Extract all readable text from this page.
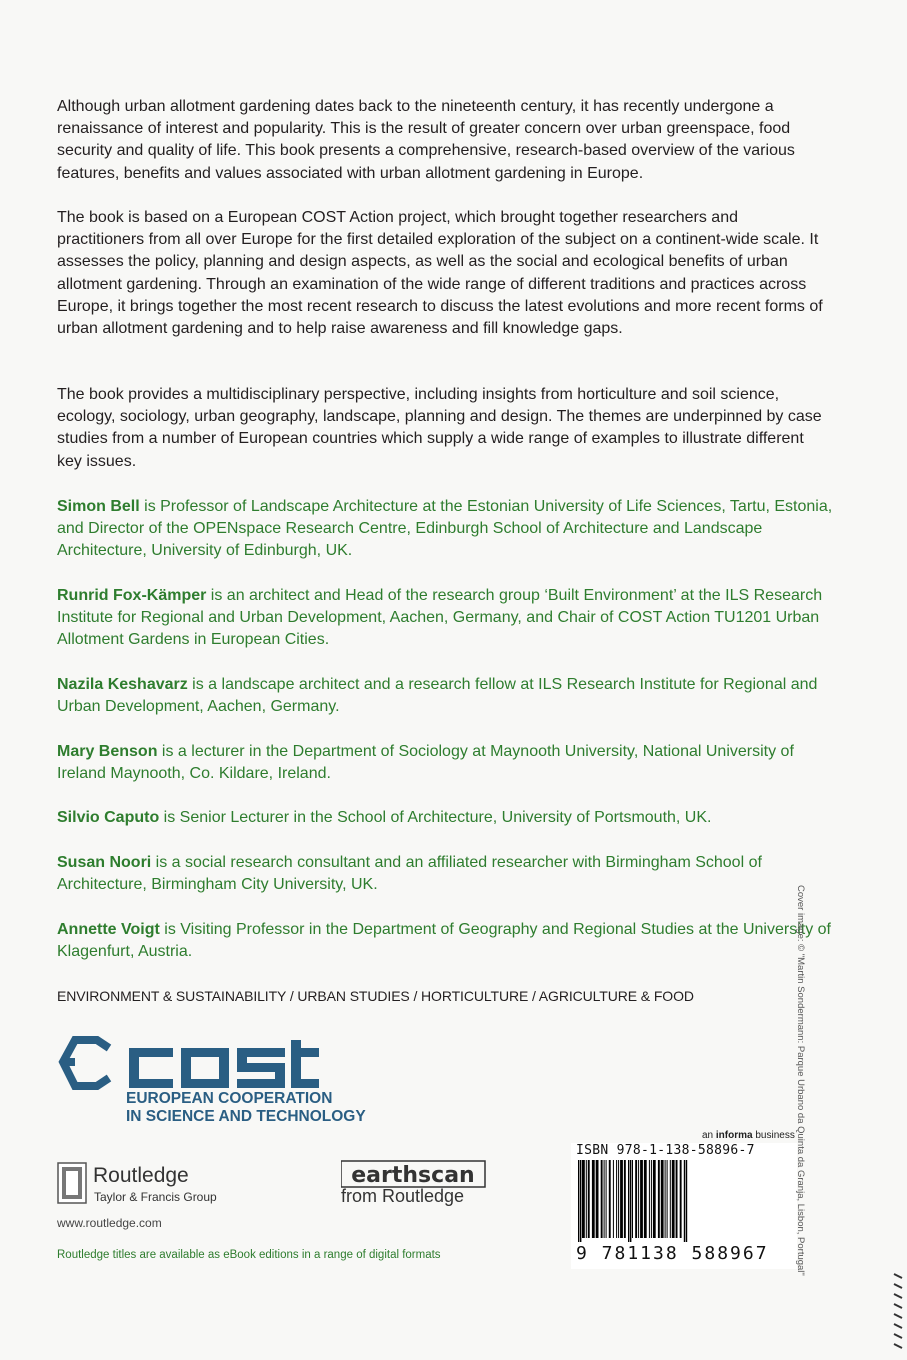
Although urban allotment gardening dates back to the nineteenth century, it has recently undergone a renaissance of interest and popularity. This is the result of greater concern over urban greenspace, food security and quality of life. This book presents a comprehensive, research-based overview of the various features, benefits and values associated with urban allotment gardening in Europe.

The book is based on a European COST Action project, which brought together researchers and practitioners from all over Europe for the first detailed exploration of the subject on a continent-wide scale. It assesses the policy, planning and design aspects, as well as the social and ecological benefits of urban allotment gardening. Through an examination of the wide range of different traditions and practices across Europe, it brings together the most recent research to discuss the latest evolutions and more recent forms of urban allotment gardening and to help raise awareness and fill knowledge gaps.

The book provides a multidisciplinary perspective, including insights from horticulture and soil science, ecology, sociology, urban geography, landscape, planning and design. The themes are underpinned by case studies from a number of European countries which supply a wide range of examples to illustrate different key issues.

Simon Bell is Professor of Landscape Architecture at the Estonian University of Life Sciences, Tartu, Estonia, and Director of the OPENspace Research Centre, Edinburgh School of Architecture and Landscape Architecture, University of Edinburgh, UK.

Runrid Fox-Kämper is an architect and Head of the research group ‘Built Environment’ at the ILS Research Institute for Regional and Urban Development, Aachen, Germany, and Chair of COST Action TU1201 Urban Allotment Gardens in European Cities.

Nazila Keshavarz is a landscape architect and a research fellow at ILS Research Institute for Regional and Urban Development, Aachen, Germany.

Mary Benson is a lecturer in the Department of Sociology at Maynooth University, National University of Ireland Maynooth, Co. Kildare, Ireland.

Silvio Caputo is Senior Lecturer in the School of Architecture, University of Portsmouth, UK.

Susan Noori is a social research consultant and an affiliated researcher with Birmingham School of Architecture, Birmingham City University, UK.

Annette Voigt is Visiting Professor in the Department of Geography and Regional Studies at the University of Klagenfurt, Austria.

ENVIRONMENT & SUSTAINABILITY / URBAN STUDIES / HORTICULTURE / AGRICULTURE & FOOD
EUROPEAN COOPERATION
IN SCIENCE AND TECHNOLOGY
Routledge
Taylor & Francis Group
www.routledge.com
Routledge titles are available as eBook editions in a range of digital formats
earthscan
from Routledge
an informa business
ISBN 978-1-138-58896-7
9 781138 588967	Cover image: © "Martin Sondermann: Parque Urbano da Quinta da Granja, Lisbon, Portugal"
